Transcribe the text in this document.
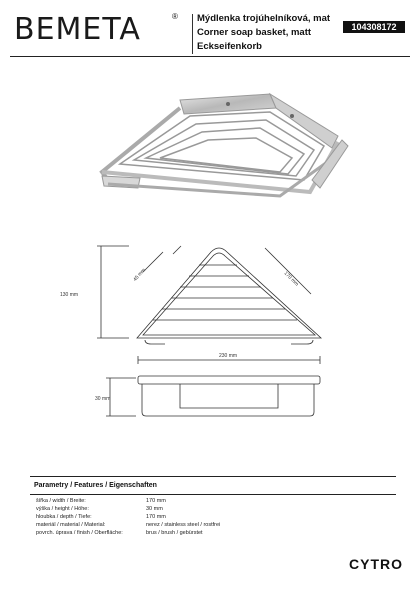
BEMETA	® Mýdlenka trojúhelníková, mat
Corner soap basket, matt
Eckseifenkorb
104308172
130 mm
45 mm	170 mm
230 mm
30 mm
Parametry / Features / Eigenschaften
šířka / width / Breite:	170 mm
výška / height / Höhe:	30 mm
hloubka / depth / Tiefe:	170 mm
materiál / material / Material:	nerez / stainless steel / rostfrei
povrch. úprava / finish / Oberfläche:	brus / brush / gebürstet
CYTRO
